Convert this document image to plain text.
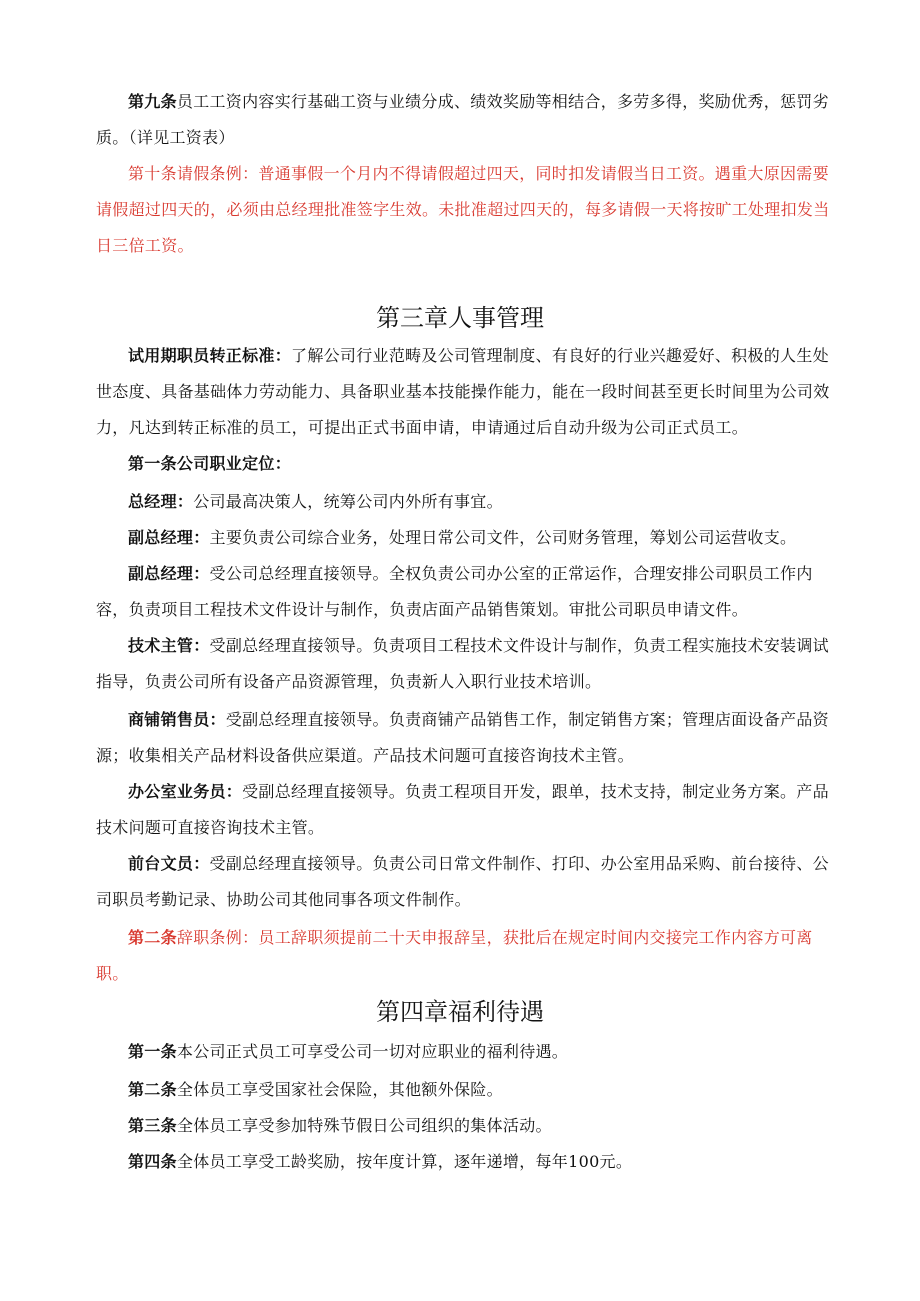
第九条员工工资内容实行基础工资与业绩分成、绩效奖励等相结合，多劳多得，奖励优秀，惩罚劣质。（详见工资表）

第十条请假条例：普通事假一个月内不得请假超过四天，同时扣发请假当日工资。遇重大原因需要请假超过四天的，必须由总经理批准签字生效。未批准超过四天的，每多请假一天将按旷工处理扣发当日三倍工资。

第三章人事管理

试用期职员转正标准：了解公司行业范畴及公司管理制度、有良好的行业兴趣爱好、积极的人生处世态度、具备基础体力劳动能力、具备职业基本技能操作能力，能在一段时间甚至更长时间里为公司效力，凡达到转正标准的员工，可提出正式书面申请，申请通过后自动升级为公司正式员工。

第一条公司职业定位：

总经理：公司最高决策人，统筹公司内外所有事宜。

副总经理：主要负责公司综合业务，处理日常公司文件，公司财务管理，筹划公司运营收支。

副总经理：受公司总经理直接领导。全权负责公司办公室的正常运作，合理安排公司职员工作内容，负责项目工程技术文件设计与制作，负责店面产品销售策划。审批公司职员申请文件。

技术主管：受副总经理直接领导。负责项目工程技术文件设计与制作，负责工程实施技术安装调试指导，负责公司所有设备产品资源管理，负责新人入职行业技术培训。

商铺销售员：受副总经理直接领导。负责商铺产品销售工作，制定销售方案；管理店面设备产品资源；收集相关产品材料设备供应渠道。产品技术问题可直接咨询技术主管。

办公室业务员：受副总经理直接领导。负责工程项目开发，跟单，技术支持，制定业务方案。产品技术问题可直接咨询技术主管。

前台文员：受副总经理直接领导。负责公司日常文件制作、打印、办公室用品采购、前台接待、公司职员考勤记录、协助公司其他同事各项文件制作。

第二条辞职条例：员工辞职须提前二十天申报辞呈，获批后在规定时间内交接完工作内容方可离职。

第四章福利待遇

第一条本公司正式员工可享受公司一切对应职业的福利待遇。

第二条全体员工享受国家社会保险，其他额外保险。

第三条全体员工享受参加特殊节假日公司组织的集体活动。

第四条全体员工享受工龄奖励，按年度计算，逐年递增，每年100元。
